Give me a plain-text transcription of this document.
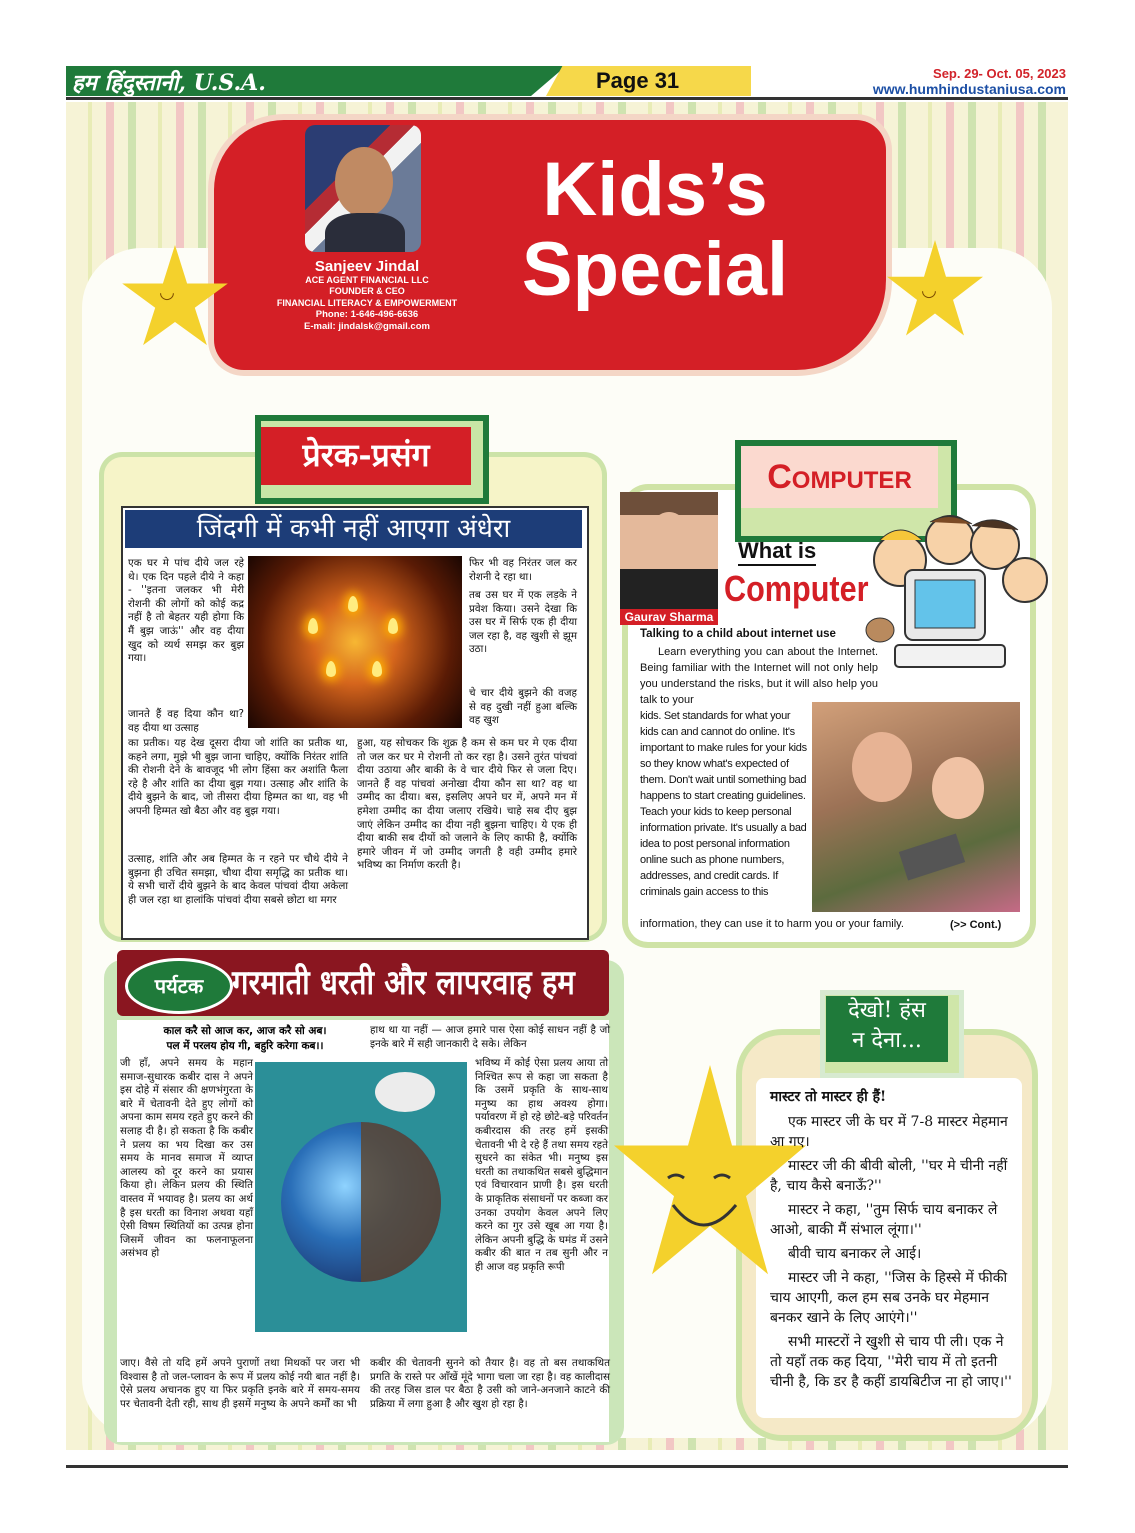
हम हिंदुस्तानी, U.S.A.	Page 31	Sep. 29- Oct. 05, 2023
www.humhindustaniusa.com
◡	◡
Sanjeev Jindal
ACE AGENT FINANCIAL LLC
FOUNDER & CEO
FINANCIAL LITERACY & EMPOWERMENT
Phone: 1-646-496-6636
E-mail: jindalsk@gmail.com
Kids’s
Special
प्रेरक-प्रसंग
जिंदगी में कभी नहीं आएगा अंधेरा
एक घर मे पांच दीये जल रहे थे। एक दिन पहले दीये ने कहा - ''इतना जलकर भी मेरी रोशनी की लोगों को कोई कद्र नहीं है तो बेहतर यही होगा कि मैं बुझ जाऊं'' और वह दीया खुद को व्यर्थ समझ कर बुझ गया।
जानते हैं वह दिया कौन था? वह दीया था उत्साह
का प्रतीक। यह देख दूसरा दीया जो शांति का प्रतीक था, कहने लगा, मुझे भी बुझ जाना चाहिए, क्योंकि निरंतर शांति की रोशनी देने के बावजूद भी लोग हिंसा कर अशांति फैला रहे है और शांति का दीया बुझ गया। उत्साह और शांति के दीये बुझने के बाद, जो तीसरा दीया हिम्मत का था, वह भी अपनी हिम्मत खो बैठा और वह बुझ गया।
उत्साह, शांति और अब हिम्मत के न रहने पर चौथे दीये ने बुझना ही उचित समझा, चौथा दीया समृद्धि का प्रतीक था। ये सभी चारों दीये बुझने के बाद केवल पांचवां दीया अकेला ही जल रहा था हालांकि पांचवां दीया सबसे छोटा था मगर
फिर भी वह निरंतर जल कर रोशनी दे रहा था।
तब उस घर में एक लड़के ने प्रवेश किया। उसने देखा कि उस घर में सिर्फ एक ही दीया जल रहा है, वह खुशी से झूम उठा।
चे चार दीये बुझने की वजह से वह दुखी नहीं हुआ बल्कि वह खुश
हुआ, यह सोचकर कि शुक्र है कम से कम घर मे एक दीया तो जल कर घर मे रोशनी तो कर रहा है। उसने तुरंत पांचवां दीया उठाया और बाकी के वे चार दीये फिर से जला दिए। जानते हैं वह पांचवां अनोखा दीया कौन सा था? वह था उम्मीद का दीया। बस, इसलिए अपने घर में, अपने मन में हमेशा उम्मीद का दीया जलाए रखिये। चाहे सब दीए बुझ जाएं लेकिन उम्मीद का दीया नही बुझना चाहिए। ये एक ही दीया बाकी सब दीयों को जलाने के लिए काफी है, क्योंकि हमारे जीवन में जो उम्मीद जगती है वही उम्मीद हमारे भविष्य का निर्माण करती है।
Computer
Gaurav Sharma
What is
Computer
Talking to a child about internet use
Learn everything you can about the Internet. Being familiar with the Internet will not only help you understand the risks, but it will also help you talk to your
kids. Set standards for what your kids can and cannot do online. It's important to make rules for your kids so they know what's expected of them. Don't wait until something bad happens to start creating guidelines. Teach your kids to keep personal information private. It's usually a bad idea to post personal information online such as phone numbers, addresses, and credit cards. If criminals gain access to this
information, they can use it to harm you or your family.	(>> Cont.)
पर्यटक गरमाती धरती और लापरवाह हम
काल करै सो आज कर, आज करै सो अब।
पल में परलय होय गी, बहुरि करेगा कब।।
जी हाँ, अपने समय के महान समाज-सुधारक कबीर दास ने अपने इस दोहे में संसार की क्षणभंगुरता के बारे में चेतावनी देते हुए लोगों को अपना काम समय रहते हुए करने की सलाह दी है। हो सकता है कि कबीर ने प्रलय का भय दिखा कर उस समय के मानव समाज में व्याप्त आलस्य को दूर करने का प्रयास किया हो। लेकिन प्रलय की स्थिति वास्तव में भयावह है। प्रलय का अर्थ है इस धरती का विनाश अथवा यहाँ ऐसी विषम स्थितियों का उत्पन्न होना जिसमें जीवन का फलनाफूलना असंभव हो
हाथ था या नहीं — आज हमारे पास ऐसा कोई साधन नहीं है जो इनके बारे में सही जानकारी दे सके। लेकिन
भविष्य में कोई ऐसा प्रलय आया तो निश्चित रूप से कहा जा सकता है कि उसमें प्रकृति के साथ-साथ मनुष्य का हाथ अवश्य होगा। पर्यावरण में हो रहे छोटे-बड़े परिवर्तन कबीरदास की तरह हमें इसकी चेतावनी भी दे रहे हैं तथा समय रहते सुधरने का संकेत भी। मनुष्य इस धरती का तथाकथित सबसे बुद्धिमान एवं विचारवान प्राणी है। इस धरती के प्राकृतिक संसाधनों पर कब्जा कर उनका उपयोग केवल अपने लिए करने का गुर उसे खूब आ गया है। लेकिन अपनी बुद्धि के घमंड में उसने कबीर की बात न तब सुनी और न ही आज वह प्रकृति रूपी
जाए। वैसे तो यदि हमें अपने पुराणों तथा मिथकों पर जरा भी विश्वास है तो जल-प्लावन के रूप में प्रलय कोई नयी बात नहीं है। ऐसे प्रलय अचानक हुए या फिर प्रकृति इनके बारे में समय-समय पर चेतावनी देती रही, साथ ही इसमें मनुष्य के अपने कर्मों का भी
कबीर की चेतावनी सुनने को तैयार है। वह तो बस तथाकथित प्रगति के रास्ते पर आँखें मूंदे भागा चला जा रहा है। वह कालीदास की तरह जिस डाल पर बैठा है उसी को जाने-अनजाने काटने की प्रक्रिया में लगा हुआ है और खुश हो रहा है।
देखो! हंस
न देना...
मास्टर तो मास्टर ही हैं!
एक मास्टर जी के घर में 7-8 मास्टर मेहमान आ गए।
मास्टर जी की बीवी बोली, ''घर मे चीनी नहीं है, चाय कैसे बनाऊँ?''
मास्टर ने कहा, ''तुम सिर्फ चाय बनाकर ले आओ, बाकी मैं संभाल लूंगा।''
बीवी चाय बनाकर ले आई।
मास्टर जी ने कहा, ''जिस के हिस्से में फीकी चाय आएगी, कल हम सब उनके घर मेहमान बनकर खाने के लिए आएंगे।''
सभी मास्टरों ने खुशी से चाय पी ली। एक ने तो यहाँ तक कह दिया, ''मेरी चाय में तो इतनी चीनी है, कि डर है कहीं डायबिटीज ना हो जाए।''
